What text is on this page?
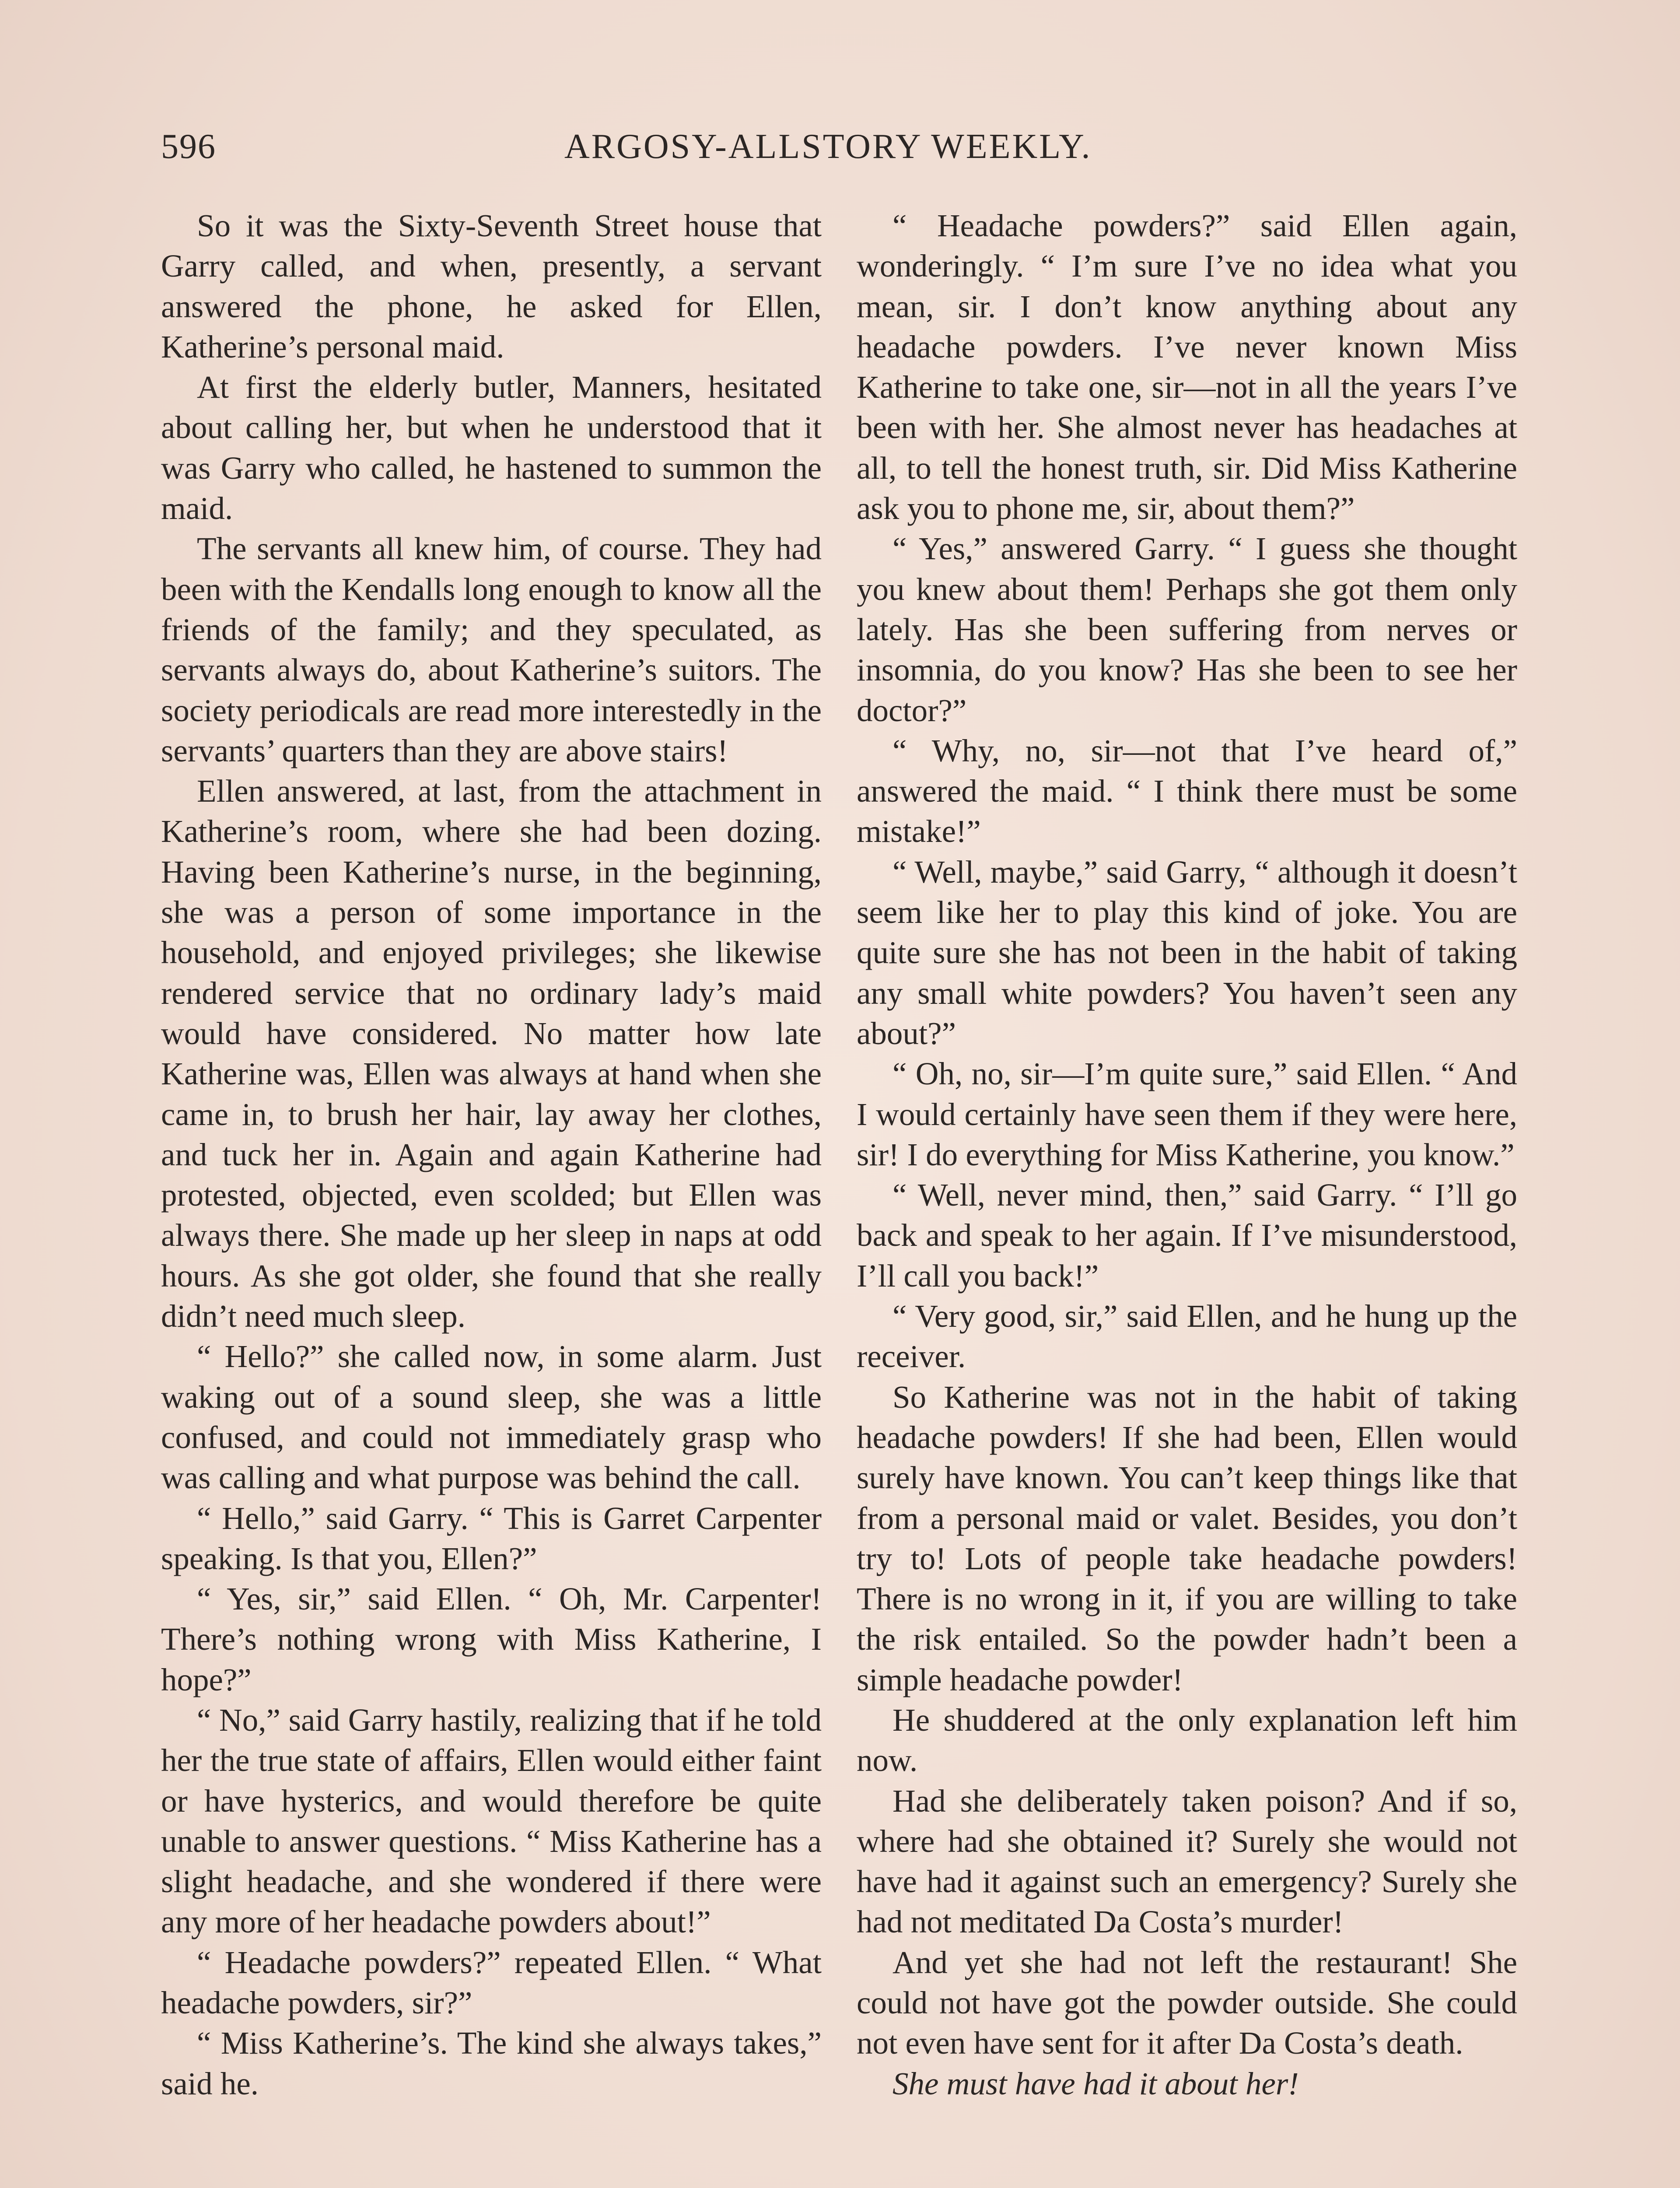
596	ARGOSY-ALLSTORY WEEKLY.

So it was the Sixty-Seventh Street house that Garry called, and when, presently, a servant answered the phone, he asked for Ellen, Katherine’s personal maid.

At first the elderly butler, Manners, hesitated about calling her, but when he understood that it was Garry who called, he hastened to summon the maid.

The servants all knew him, of course. They had been with the Kendalls long enough to know all the friends of the family; and they speculated, as servants always do, about Katherine’s suitors. The society periodicals are read more interestedly in the servants’ quarters than they are above stairs!

Ellen answered, at last, from the attachment in Katherine’s room, where she had been dozing. Having been Katherine’s nurse, in the beginning, she was a person of some importance in the household, and enjoyed privileges; she likewise rendered service that no ordinary lady’s maid would have considered. No matter how late Katherine was, Ellen was always at hand when she came in, to brush her hair, lay away her clothes, and tuck her in. Again and again Katherine had protested, objected, even scolded; but Ellen was always there. She made up her sleep in naps at odd hours. As she got older, she found that she really didn’t need much sleep.

“ Hello?” she called now, in some alarm. Just waking out of a sound sleep, she was a little confused, and could not immediately grasp who was calling and what purpose was behind the call.

“ Hello,” said Garry. “ This is Garret Carpenter speaking. Is that you, Ellen?”

“ Yes, sir,” said Ellen. “ Oh, Mr. Carpenter! There’s nothing wrong with Miss Katherine, I hope?”

“ No,” said Garry hastily, realizing that if he told her the true state of affairs, Ellen would either faint or have hysterics, and would therefore be quite unable to answer questions. “ Miss Katherine has a slight headache, and she wondered if there were any more of her headache powders about!”

“ Headache powders?” repeated Ellen. “ What headache powders, sir?”

“ Miss Katherine’s. The kind she always takes,” said he.

“ Headache powders?” said Ellen again, wonderingly. “ I’m sure I’ve no idea what you mean, sir. I don’t know anything about any headache powders. I’ve never known Miss Katherine to take one, sir—not in all the years I’ve been with her. She almost never has headaches at all, to tell the honest truth, sir. Did Miss Katherine ask you to phone me, sir, about them?”

“ Yes,” answered Garry. “ I guess she thought you knew about them! Perhaps she got them only lately. Has she been suffering from nerves or insomnia, do you know? Has she been to see her doctor?”

“ Why, no, sir—not that I’ve heard of,” answered the maid. “ I think there must be some mistake!”

“ Well, maybe,” said Garry, “ although it doesn’t seem like her to play this kind of joke. You are quite sure she has not been in the habit of taking any small white powders? You haven’t seen any about?”

“ Oh, no, sir—I’m quite sure,” said Ellen. “ And I would certainly have seen them if they were here, sir! I do everything for Miss Katherine, you know.”

“ Well, never mind, then,” said Garry. “ I’ll go back and speak to her again. If I’ve misunderstood, I’ll call you back!”

“ Very good, sir,” said Ellen, and he hung up the receiver.

So Katherine was not in the habit of taking headache powders! If she had been, Ellen would surely have known. You can’t keep things like that from a personal maid or valet. Besides, you don’t try to! Lots of people take headache powders! There is no wrong in it, if you are willing to take the risk entailed. So the powder hadn’t been a simple headache powder!

He shuddered at the only explanation left him now.

Had she deliberately taken poison? And if so, where had she obtained it? Surely she would not have had it against such an emergency? Surely she had not meditated Da Costa’s murder!

And yet she had not left the restaurant! She could not have got the powder outside. She could not even have sent for it after Da Costa’s death.

She must have had it about her!
